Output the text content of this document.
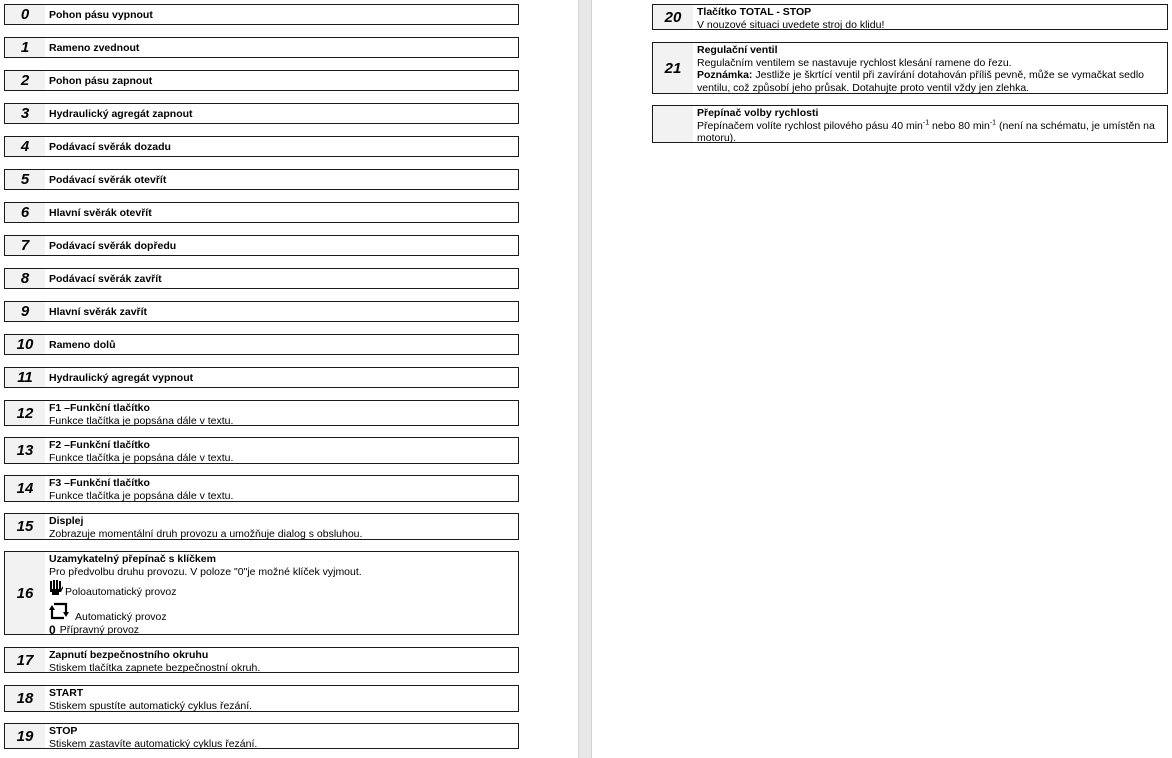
0	Pohon pásu vypnout
1	Rameno zvednout
2	Pohon pásu zapnout
3	Hydraulický agregát zapnout
4	Podávací svěrák dozadu
5	Podávací svěrák otevřít
6	Hlavní svěrák otevřít
7	Podávací svěrák dopředu
8	Podávací svěrák zavřít
9	Hlavní svěrák zavřít
10	Rameno dolů
11	Hydraulický agregát vypnout
12	F1 –Funkční tlačítko
Funkce tlačítka je popsána dále v textu.
13	F2 –Funkční tlačítko
Funkce tlačítka je popsána dále v textu.
14	F3 –Funkční tlačítko
Funkce tlačítka je popsána dále v textu.
15	Displej
Zobrazuje momentální druh provozu a umožňuje dialog s obsluhou.
16
Uzamykatelný přepínač s klíčkem
Pro předvolbu druhu provozu. V poloze "0"je možné klíček vyjmout.
Poloautomatický provoz
Automatický provoz
0 Přípravný provoz
17	Zapnutí bezpečnostního okruhu
Stiskem tlačítka zapnete bezpečnostní okruh.
18	START
Stiskem spustíte automatický cyklus řezání.
19	STOP
Stiskem zastavíte automatický cyklus řezání.
20	Tlačítko TOTAL - STOP
V nouzové situaci uvedete stroj do klidu!
21
Regulační ventil
Regulačním ventilem se nastavuje rychlost klesání ramene do řezu.
Poznámka: Jestliže je škrtící ventil při zavírání dotahován příliš pevně, může se vymačkat sedlo ventilu, což způsobí jeho průsak. Dotahujte proto ventil vždy jen zlehka.
Přepínač volby rychlosti
Přepínačem volíte rychlost pilového pásu 40 $\min^{-1}$ nebo 80 $\min^{-1}$ (není na schématu, je umístěn na motoru).
